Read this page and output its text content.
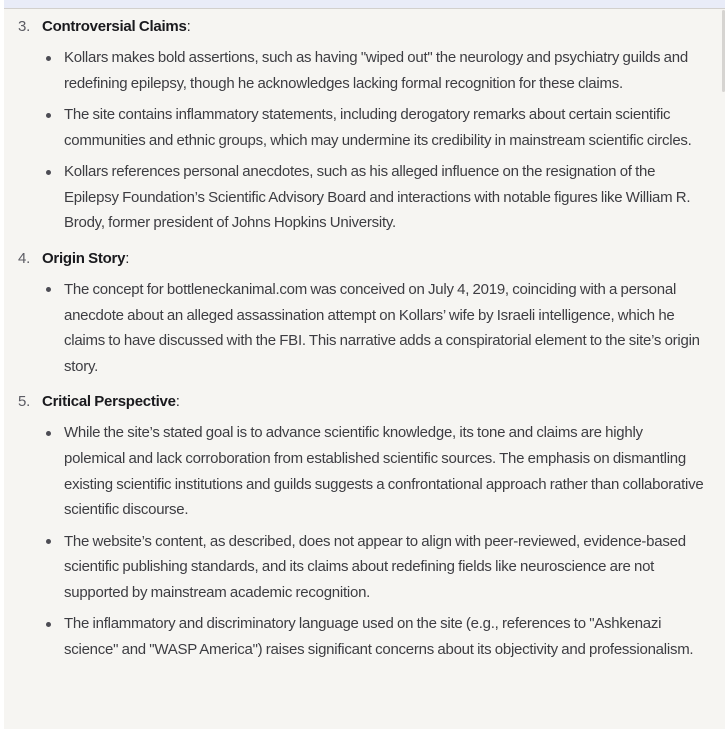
3. Controversial Claims:
Kollars makes bold assertions, such as having "wiped out" the neurology and psychiatry guilds and redefining epilepsy, though he acknowledges lacking formal recognition for these claims.
The site contains inflammatory statements, including derogatory remarks about certain scientific communities and ethnic groups, which may undermine its credibility in mainstream scientific circles.
Kollars references personal anecdotes, such as his alleged influence on the resignation of the Epilepsy Foundation’s Scientific Advisory Board and interactions with notable figures like William R. Brody, former president of Johns Hopkins University.
4. Origin Story:
The concept for bottleneckanimal.com was conceived on July 4, 2019, coinciding with a personal anecdote about an alleged assassination attempt on Kollars’ wife by Israeli intelligence, which he claims to have discussed with the FBI. This narrative adds a conspiratorial element to the site’s origin story.
5. Critical Perspective:
While the site’s stated goal is to advance scientific knowledge, its tone and claims are highly polemical and lack corroboration from established scientific sources. The emphasis on dismantling existing scientific institutions and guilds suggests a confrontational approach rather than collaborative scientific discourse.
The website’s content, as described, does not appear to align with peer-reviewed, evidence-based scientific publishing standards, and its claims about redefining fields like neuroscience are not supported by mainstream academic recognition.
The inflammatory and discriminatory language used on the site (e.g., references to "Ashkenazi science" and "WASP America") raises significant concerns about its objectivity and professionalism.
